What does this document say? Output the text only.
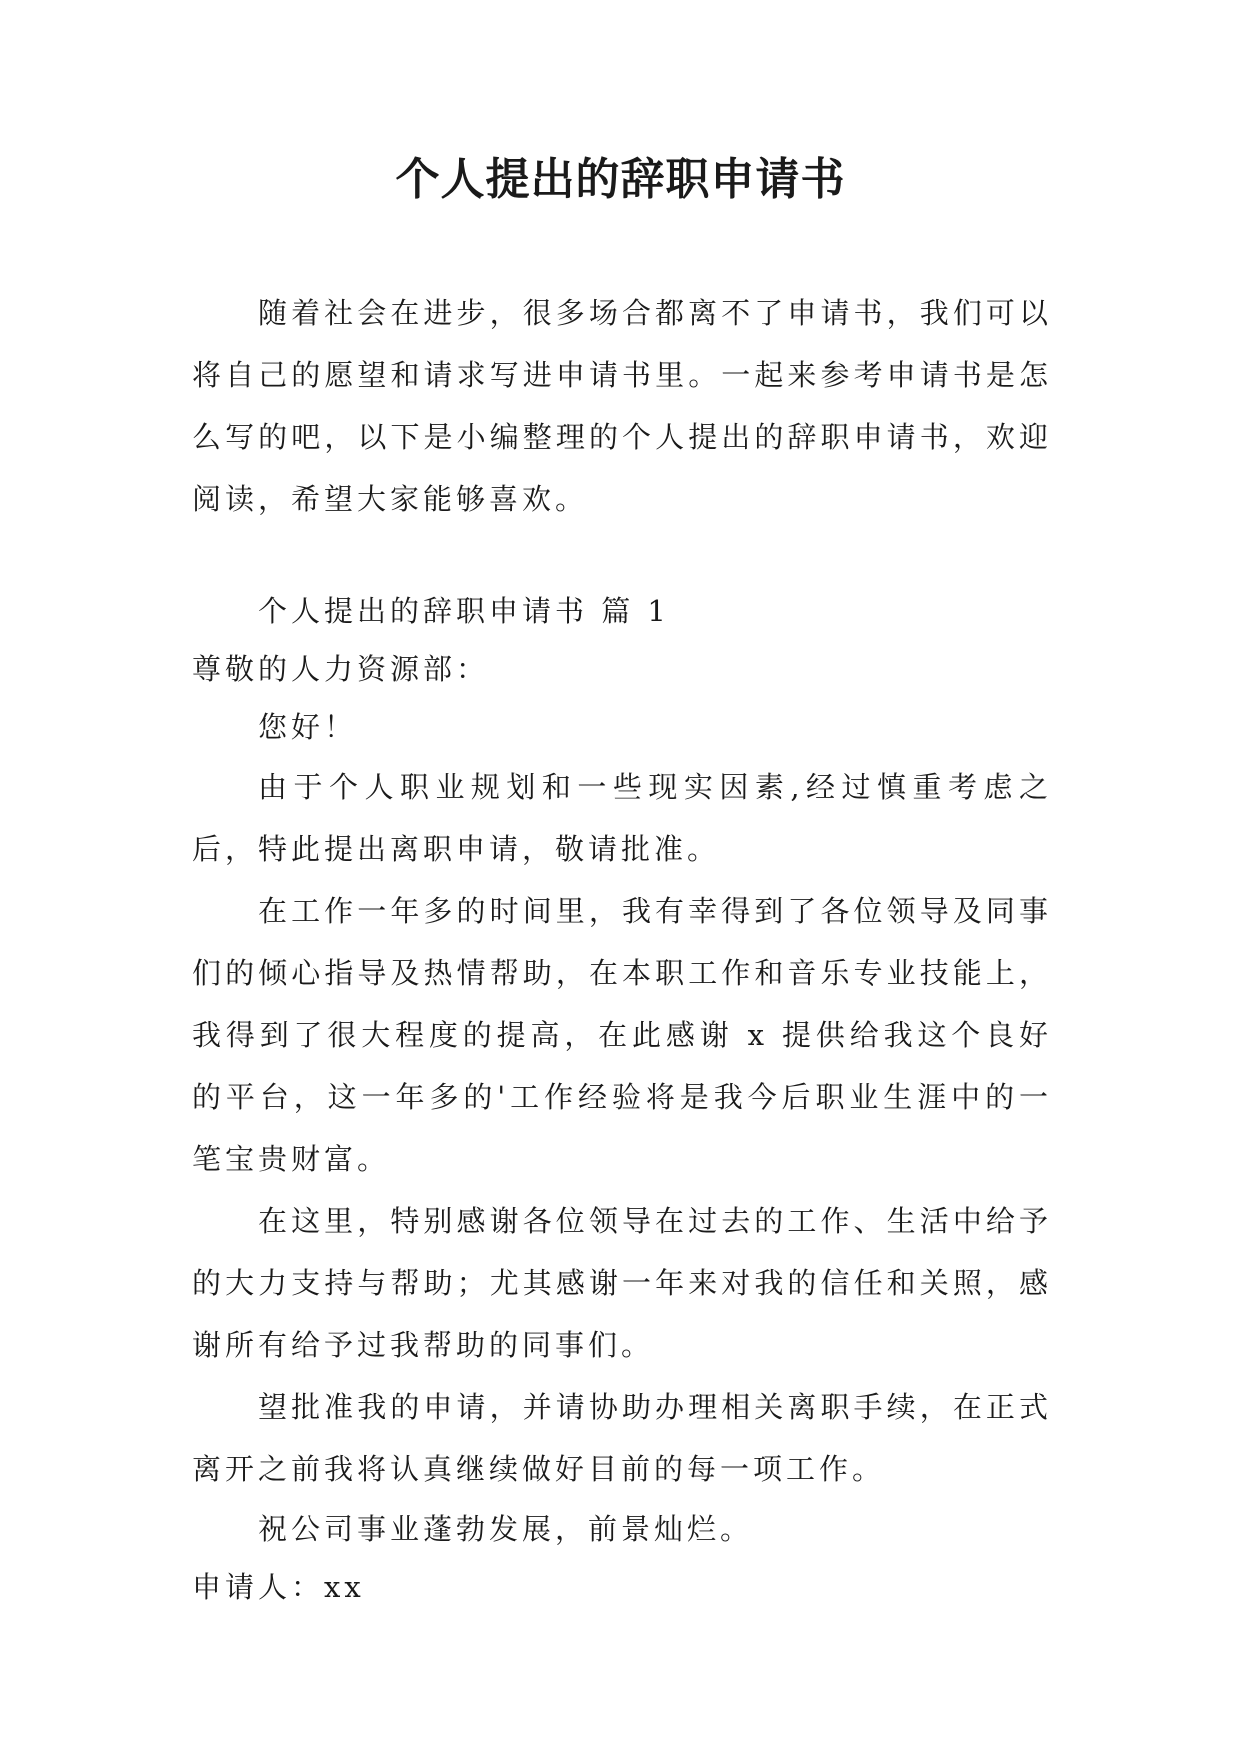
个人提出的辞职申请书

随着社会在进步，很多场合都离不了申请书，我们可以将自己的愿望和请求写进申请书里。一起来参考申请书是怎么写的吧，以下是小编整理的个人提出的辞职申请书，欢迎阅读，希望大家能够喜欢。

个人提出的辞职申请书 篇 1

尊敬的人力资源部：

您好！

由于个人职业规划和一些现实因素,经过慎重考虑之后，特此提出离职申请，敬请批准。

在工作一年多的时间里，我有幸得到了各位领导及同事们的倾心指导及热情帮助，在本职工作和音乐专业技能上，我得到了很大程度的提高，在此感谢 x 提供给我这个良好的平台，这一年多的'工作经验将是我今后职业生涯中的一笔宝贵财富。

在这里，特别感谢各位领导在过去的工作、生活中给予的大力支持与帮助；尤其感谢一年来对我的信任和关照，感谢所有给予过我帮助的同事们。

望批准我的申请，并请协助办理相关离职手续，在正式离开之前我将认真继续做好目前的每一项工作。

祝公司事业蓬勃发展，前景灿烂。

申请人：xx
